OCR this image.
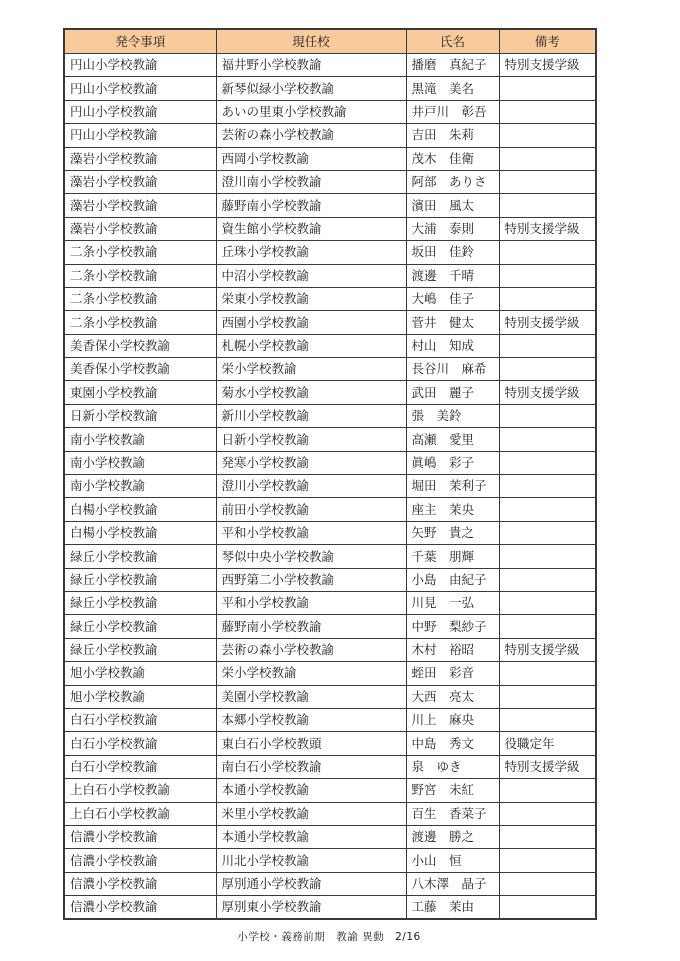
発令事項	現任校	氏名	備考
円山小学校教諭	福井野小学校教諭	播磨　真紀子	特別支援学級
円山小学校教諭	新琴似緑小学校教諭	黒滝　美名	
円山小学校教諭	あいの里東小学校教諭	井戸川　彰吾	
円山小学校教諭	芸術の森小学校教諭	吉田　朱莉	
藻岩小学校教諭	西岡小学校教諭	茂木　佳衛	
藻岩小学校教諭	澄川南小学校教諭	阿部　ありさ	
藻岩小学校教諭	藤野南小学校教諭	濱田　風太	
藻岩小学校教諭	資生館小学校教諭	大浦　泰則	特別支援学級
二条小学校教諭	丘珠小学校教諭	坂田　佳鈴	
二条小学校教諭	中沼小学校教諭	渡邊　千晴	
二条小学校教諭	栄東小学校教諭	大嶋　佳子	
二条小学校教諭	西園小学校教諭	菅井　健太	特別支援学級
美香保小学校教諭	札幌小学校教諭	村山　知成	
美香保小学校教諭	栄小学校教諭	長谷川　麻希	
東園小学校教諭	菊水小学校教諭	武田　麗子	特別支援学級
日新小学校教諭	新川小学校教諭	張　美鈴	
南小学校教諭	日新小学校教諭	高瀬　愛里	
南小学校教諭	発寒小学校教諭	眞嶋　彩子	
南小学校教諭	澄川小学校教諭	堀田　茉利子	
白楊小学校教諭	前田小学校教諭	座主　茉央	
白楊小学校教諭	平和小学校教諭	矢野　貴之	
緑丘小学校教諭	琴似中央小学校教諭	千葉　朋輝	
緑丘小学校教諭	西野第二小学校教諭	小島　由紀子	
緑丘小学校教諭	平和小学校教諭	川見　一弘	
緑丘小学校教諭	藤野南小学校教諭	中野　梨紗子	
緑丘小学校教諭	芸術の森小学校教諭	木村　裕昭	特別支援学級
旭小学校教諭	栄小学校教諭	蛭田　彩音	
旭小学校教諭	美園小学校教諭	大西　亮太	
白石小学校教諭	本郷小学校教諭	川上　麻央	
白石小学校教諭	東白石小学校教頭	中島　秀文	役職定年
白石小学校教諭	南白石小学校教諭	泉　ゆき	特別支援学級
上白石小学校教諭	本通小学校教諭	野宮　未紅	
上白石小学校教諭	米里小学校教諭	百生　香菜子	
信濃小学校教諭	本通小学校教諭	渡邊　勝之	
信濃小学校教諭	川北小学校教諭	小山　恒	
信濃小学校教諭	厚別通小学校教諭	八木澤　晶子	
信濃小学校教諭	厚別東小学校教諭	工藤　茉由	
小学校・義務前期　教諭 異動　2/16
